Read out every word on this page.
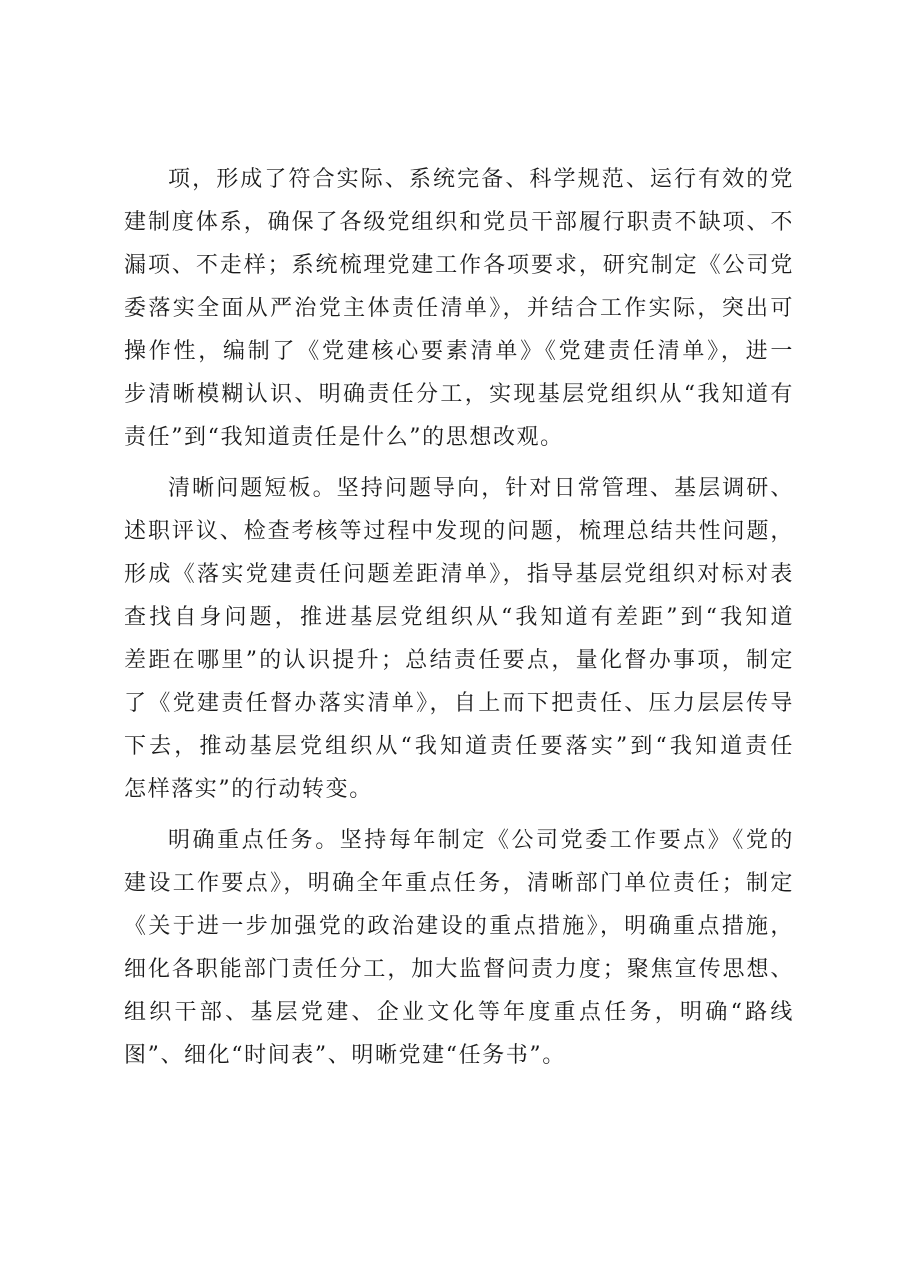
项，形成了符合实际、系统完备、科学规范、运行有效的党
建制度体系，确保了各级党组织和党员干部履行职责不缺项、不
漏项、不走样；系统梳理党建工作各项要求，研究制定《公司党
委落实全面从严治党主体责任清单》，并结合工作实际，突出可
操作性，编制了《党建核心要素清单》《党建责任清单》，进一
步清晰模糊认识、明确责任分工，实现基层党组织从“我知道有
责任”到“我知道责任是什么”的思想改观。
清晰问题短板。坚持问题导向，针对日常管理、基层调研、
述职评议、检查考核等过程中发现的问题，梳理总结共性问题，
形成《落实党建责任问题差距清单》，指导基层党组织对标对表
查找自身问题，推进基层党组织从“我知道有差距”到“我知道
差距在哪里”的认识提升；总结责任要点，量化督办事项，制定
了《党建责任督办落实清单》，自上而下把责任、压力层层传导
下去，推动基层党组织从“我知道责任要落实”到“我知道责任
怎样落实”的行动转变。
明确重点任务。坚持每年制定《公司党委工作要点》《党的
建设工作要点》，明确全年重点任务，清晰部门单位责任；制定
《关于进一步加强党的政治建设的重点措施》，明确重点措施，
细化各职能部门责任分工，加大监督问责力度；聚焦宣传思想、
组织干部、基层党建、企业文化等年度重点任务，明确“路线
图”、细化“时间表”、明晰党建“任务书”。
